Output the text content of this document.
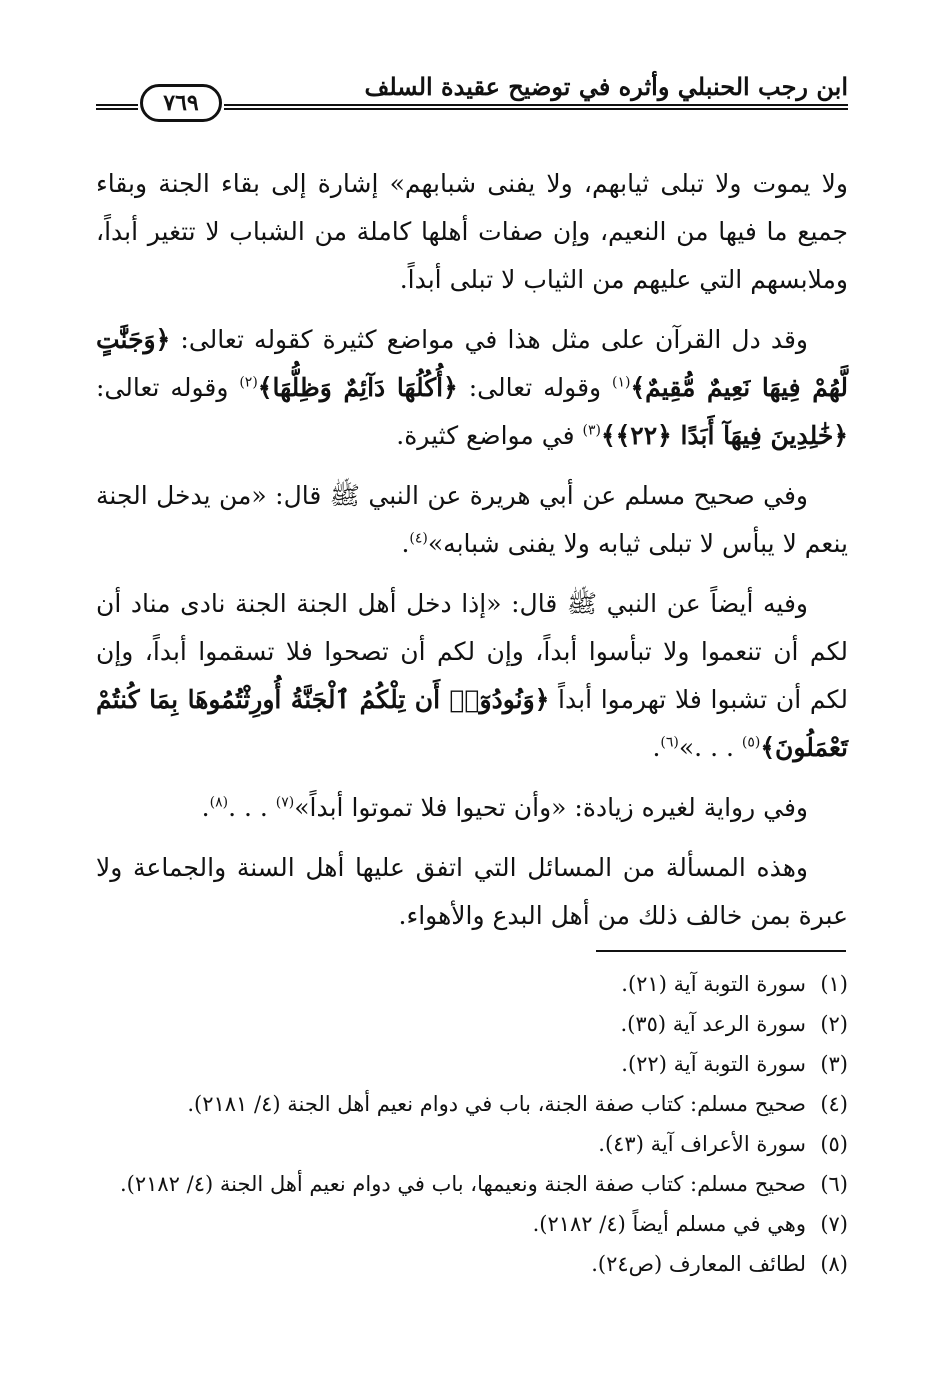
ابن رجب الحنبلي وأثره في توضيح عقيدة السلف
٧٦٩

ولا يموت ولا تبلى ثيابهم، ولا يفنى شبابهم» إشارة إلى بقاء الجنة وبقاء جميع ما فيها من النعيم، وإن صفات أهلها كاملة من الشباب لا تتغير أبداً، وملابسهم التي عليهم من الثياب لا تبلى أبداً.

وقد دل القرآن على مثل هذا في مواضع كثيرة كقوله تعالى: ﴿وَجَنَّٰتٍ لَّهُمْ فِيهَا نَعِيمٌ مُّقِيمٌ﴾$^{(١)}$ وقوله تعالى: ﴿أُكُلُهَا دَآئِمٌ وَظِلُّهَا﴾$^{(٢)}$ وقوله تعالى: ﴿خَٰلِدِينَ فِيهَآ أَبَدًا ﴿٢٢﴾﴾$^{(٣)}$ في مواضع كثيرة.

وفي صحيح مسلم عن أبي هريرة عن النبي ﷺ قال: «من يدخل الجنة ينعم لا يبأس لا تبلى ثيابه ولا يفنى شبابه»$^{(٤)}$.

وفيه أيضاً عن النبي ﷺ قال: «إذا دخل أهل الجنة الجنة نادى مناد أن لكم أن تنعموا ولا تبأسوا أبداً، وإن لكم أن تصحوا فلا تسقموا أبداً، وإن لكم أن تشبوا فلا تهرموا أبداً ﴿وَنُودُوٓا۟ أَن تِلْكُمُ ٱلْجَنَّةُ أُورِثْتُمُوهَا بِمَا كُنتُمْ تَعْمَلُونَ﴾$^{(٥)}$ . . .»$^{(٦)}$.

وفي رواية لغيره زيادة: «وأن تحيوا فلا تموتوا أبداً»$^{(٧)}$ . . .$^{(٨)}$.

وهذه المسألة من المسائل التي اتفق عليها أهل السنة والجماعة ولا عبرة بمن خالف ذلك من أهل البدع والأهواء.

(١)
سورة التوبة آية (٢١).
(٢)
سورة الرعد آية (٣٥).
(٣)
سورة التوبة آية (٢٢).
(٤)
صحيح مسلم: كتاب صفة الجنة، باب في دوام نعيم أهل الجنة (٤/ ٢١٨١).
(٥)
سورة الأعراف آية (٤٣).
(٦)
صحيح مسلم: كتاب صفة الجنة ونعيمها، باب في دوام نعيم أهل الجنة (٤/ ٢١٨٢).
(٧)
وهي في مسلم أيضاً (٤/ ٢١٨٢).
(٨)
لطائف المعارف (ص٢٤).
